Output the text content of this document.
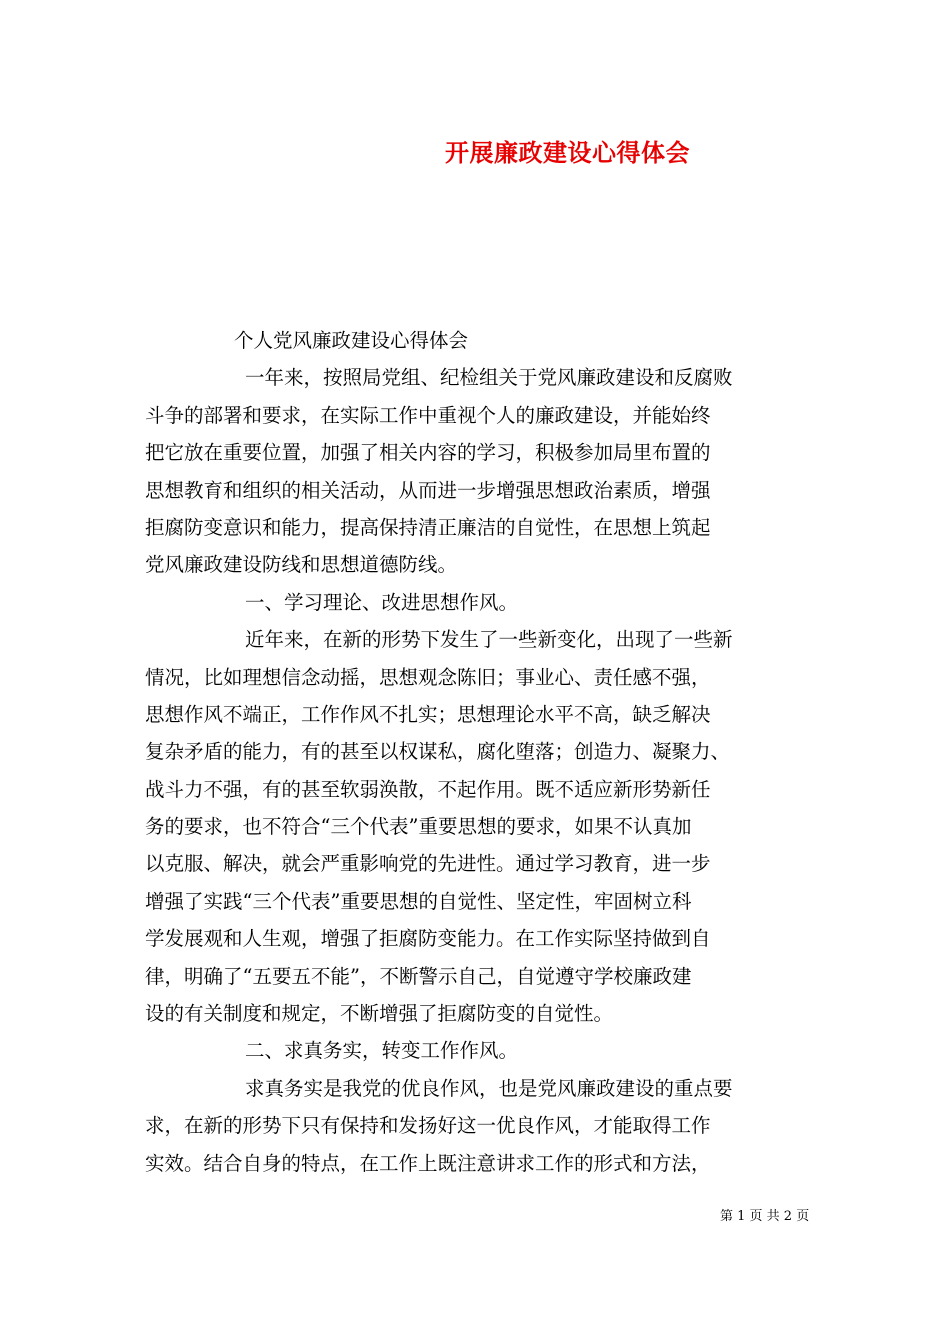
开展廉政建设心得体会
个人党风廉政建设心得体会
一年来，按照局党组、纪检组关于党风廉政建设和反腐败
斗争的部署和要求，在实际工作中重视个人的廉政建设，并能始终
把它放在重要位置，加强了相关内容的学习，积极参加局里布置的
思想教育和组织的相关活动，从而进一步增强思想政治素质，增强
拒腐防变意识和能力，提高保持清正廉洁的自觉性，在思想上筑起
党风廉政建设防线和思想道德防线。
一、学习理论、改进思想作风。
近年来，在新的形势下发生了一些新变化，出现了一些新
情况，比如理想信念动摇，思想观念陈旧；事业心、责任感不强，
思想作风不端正，工作作风不扎实；思想理论水平不高，缺乏解决
复杂矛盾的能力，有的甚至以权谋私，腐化堕落；创造力、凝聚力、
战斗力不强，有的甚至软弱涣散，不起作用。既不适应新形势新任
务的要求，也不符合“三个代表”重要思想的要求，如果不认真加
以克服、解决，就会严重影响党的先进性。通过学习教育，进一步
增强了实践“三个代表”重要思想的自觉性、坚定性，牢固树立科
学发展观和人生观，增强了拒腐防变能力。在工作实际坚持做到自
律，明确了“五要五不能”，不断警示自己，自觉遵守学校廉政建
设的有关制度和规定，不断增强了拒腐防变的自觉性。
二、求真务实，转变工作作风。
求真务实是我党的优良作风，也是党风廉政建设的重点要
求，在新的形势下只有保持和发扬好这一优良作风，才能取得工作
实效。结合自身的特点，在工作上既注意讲求工作的形式和方法，
第 1 页 共 2 页
